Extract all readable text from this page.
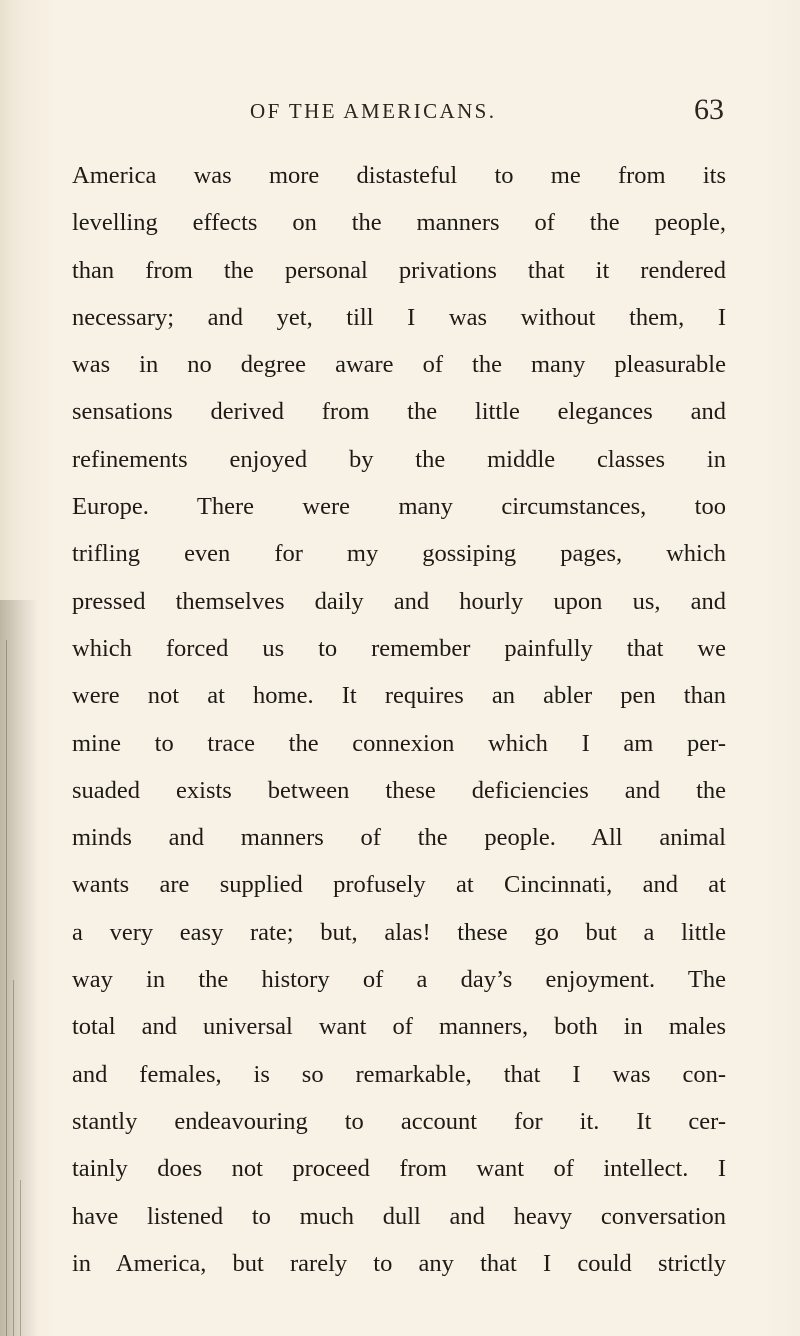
OF THE AMERICANS.	63
America was more distasteful to me from its
levelling effects on the manners of the people,
than from the personal privations that it rendered
necessary; and yet, till I was without them, I
was in no degree aware of the many pleasurable
sensations derived from the little elegances and
refinements enjoyed by the middle classes in
Europe. There were many circumstances, too
trifling even for my gossiping pages, which
pressed themselves daily and hourly upon us, and
which forced us to remember painfully that we
were not at home. It requires an abler pen than
mine to trace the connexion which I am per-
suaded exists between these deficiencies and the
minds and manners of the people. All animal
wants are supplied profusely at Cincinnati, and at
a very easy rate; but, alas! these go but a little
way in the history of a day’s enjoyment. The
total and universal want of manners, both in males
and females, is so remarkable, that I was con-
stantly endeavouring to account for it. It cer-
tainly does not proceed from want of intellect. I
have listened to much dull and heavy conversation
in America, but rarely to any that I could strictly
